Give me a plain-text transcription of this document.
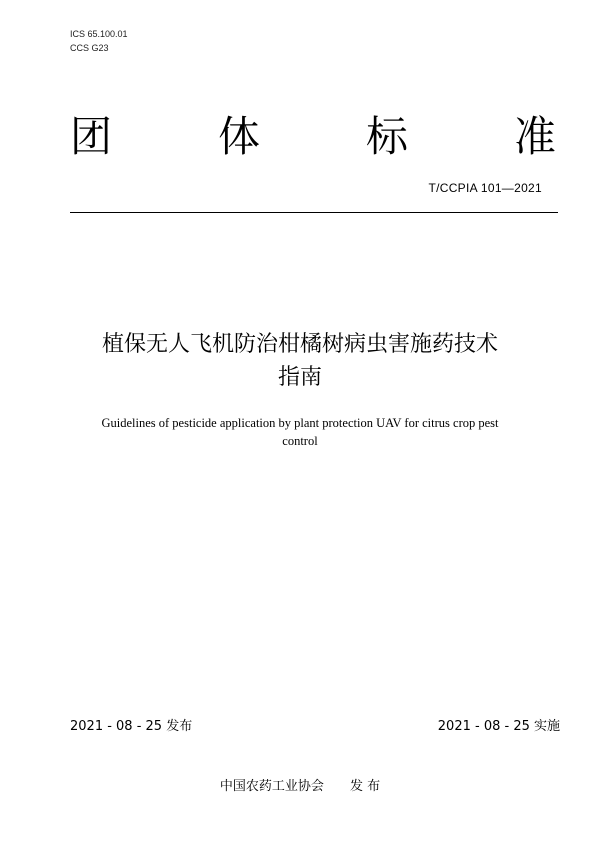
ICS 65.100.01
CCS G23
团	体	标	准
T/CCPIA 101—2021
植保无人飞机防治柑橘树病虫害施药技术
指南
Guidelines of pesticide application by plant protection UAV for citrus crop pest
control
2021 - 08 - 25 发布	2021 - 08 - 25 实施
中国农药工业协会 发 布
